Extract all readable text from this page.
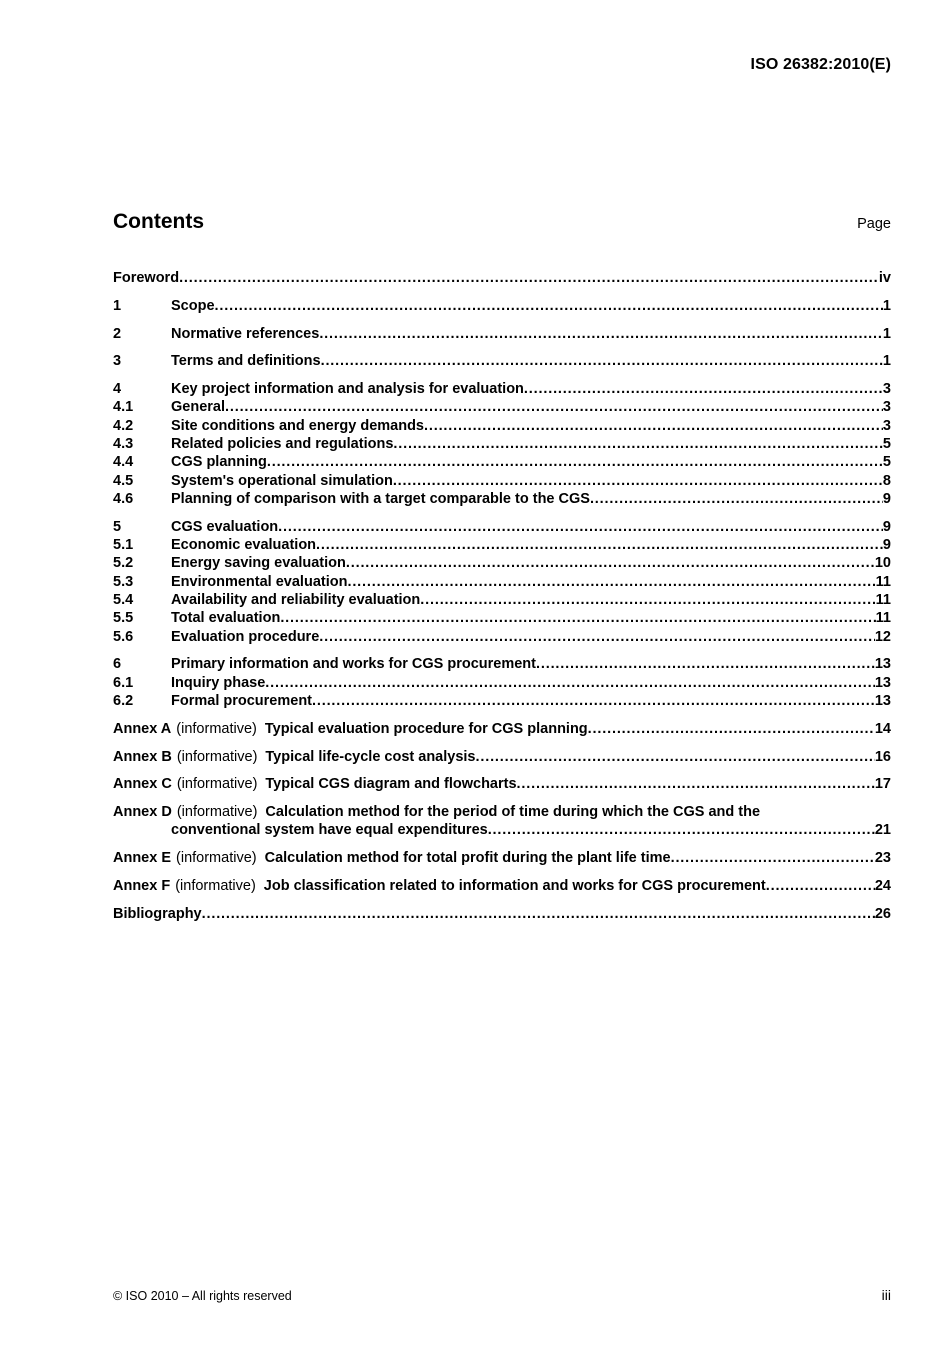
ISO 26382:2010(E)
Contents	Page
Foreword . . .	iv
1	Scope . . .	1
2	Normative references . . .	1
3	Terms and definitions . . .	1
4	Key project information and analysis for evaluation . . .	3
4.1	General . . .	3
4.2	Site conditions and energy demands . . .	3
4.3	Related policies and regulations . . .	5
4.4	CGS planning . . .	5
4.5	System's operational simulation . . .	8
4.6	Planning of comparison with a target comparable to the CGS . . .	9
5	CGS evaluation . . .	9
5.1	Economic evaluation . . .	9
5.2	Energy saving evaluation . . .	10
5.3	Environmental evaluation . . .	11
5.4	Availability and reliability evaluation . . .	11
5.5	Total evaluation . . .	11
5.6	Evaluation procedure . . .	12
6	Primary information and works for CGS procurement . . .	13
6.1	Inquiry phase . . .	13
6.2	Formal procurement . . .	13
Annex A (informative) Typical evaluation procedure for CGS planning . . .	14
Annex B (informative) Typical life-cycle cost analysis . . .	16
Annex C (informative) Typical CGS diagram and flowcharts . . .	17
Annex D (informative) Calculation method for the period of time during which the CGS and the
conventional system have equal expenditures . . .	21
Annex E (informative) Calculation method for total profit during the plant life time . . .	23
Annex F (informative) Job classification related to information and works for CGS procurement . . .	24
Bibliography . . .	26
© ISO 2010 – All rights reserved	iii
